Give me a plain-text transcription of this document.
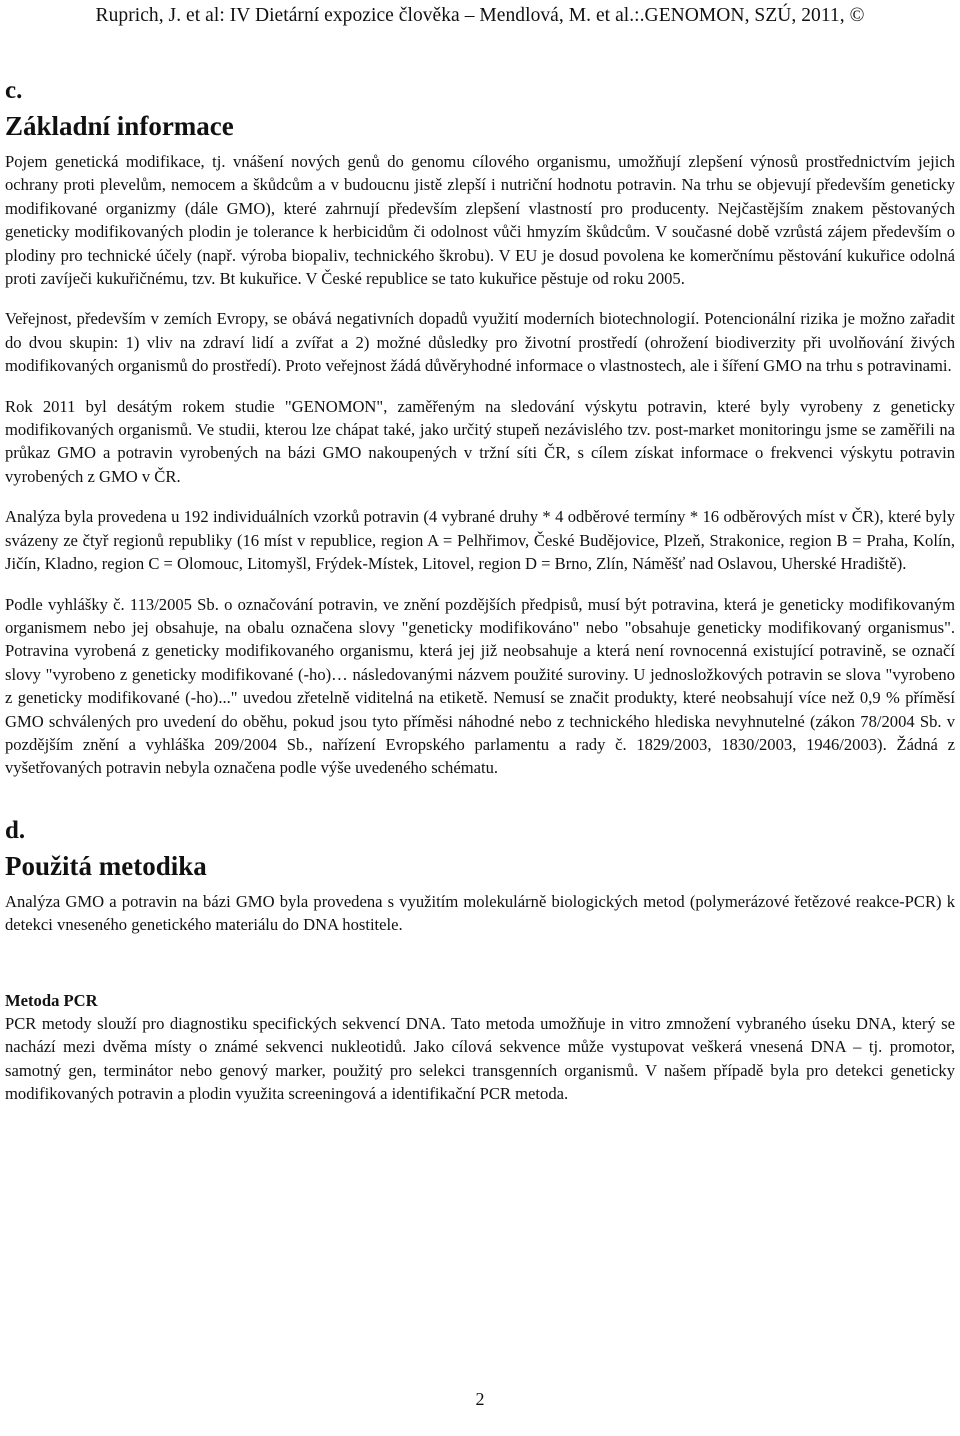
Ruprich, J. et al: IV Dietární expozice člověka – Mendlová, M. et al.:.GENOMON, SZÚ, 2011, ©
c.
Základní informace

Pojem genetická modifikace, tj. vnášení nových genů do genomu cílového organismu, umožňují zlepšení výnosů prostřednictvím jejich ochrany proti plevelům, nemocem a škůdcům a v budoucnu jistě zlepší i nutriční hodnotu potravin. Na trhu se objevují především geneticky modifikované organizmy (dále GMO), které zahrnují především zlepšení vlastností pro producenty. Nejčastějším znakem pěstovaných geneticky modifikovaných plodin je tolerance k herbicidům či odolnost vůči hmyzím škůdcům. V současné době vzrůstá zájem především o plodiny pro technické účely (např. výroba biopaliv, technického škrobu). V EU je dosud povolena ke komerčnímu pěstování kukuřice odolná proti zavíječi kukuřičnému, tzv. Bt kukuřice. V České republice se tato kukuřice pěstuje od roku 2005.

Veřejnost, především v zemích Evropy, se obává negativních dopadů využití moderních biotechnologií. Potencionální rizika je možno zařadit do dvou skupin: 1) vliv na zdraví lidí a zvířat a 2) možné důsledky pro životní prostředí (ohrožení biodiverzity při uvolňování živých modifikovaných organismů do prostředí). Proto veřejnost žádá důvěryhodné informace o vlastnostech, ale i šíření GMO na trhu s potravinami.

Rok 2011 byl desátým rokem studie "GENOMON", zaměřeným na sledování výskytu potravin, které byly vyrobeny z geneticky modifikovaných organismů. Ve studii, kterou lze chápat také, jako určitý stupeň nezávislého tzv. post-market monitoringu jsme se zaměřili na průkaz GMO a potravin vyrobených na bázi GMO nakoupených v tržní síti ČR, s cílem získat informace o frekvenci výskytu potravin vyrobených z GMO v ČR.

Analýza byla provedena u 192 individuálních vzorků potravin (4 vybrané druhy * 4 odběrové termíny * 16 odběrových míst v ČR), které byly svázeny ze čtyř regionů republiky (16 míst v republice, region A = Pelhřimov, České Budějovice, Plzeň, Strakonice, region B = Praha, Kolín, Jičín, Kladno, region C = Olomouc, Litomyšl, Frýdek-Místek, Litovel, region D = Brno, Zlín, Náměšť nad Oslavou, Uherské Hradiště).

Podle vyhlášky č. 113/2005 Sb. o označování potravin, ve znění pozdějších předpisů, musí být potravina, která je geneticky modifikovaným organismem nebo jej obsahuje, na obalu označena slovy "geneticky modifikováno" nebo "obsahuje geneticky modifikovaný organismus". Potravina vyrobená z geneticky modifikovaného organismu, která jej již neobsahuje a která není rovnocenná existující potravině, se označí slovy "vyrobeno z geneticky modifikované (-ho)… následovanými názvem použité suroviny. U jednosložkových potravin se slova "vyrobeno z geneticky modifikované (-ho)..." uvedou zřetelně viditelná na etiketě. Nemusí se značit produkty, které neobsahují více než 0,9 % příměsí GMO schválených pro uvedení do oběhu, pokud jsou tyto příměsi náhodné nebo z technického hlediska nevyhnutelné (zákon 78/2004 Sb. v pozdějším znění a vyhláška 209/2004 Sb., nařízení Evropského parlamentu a rady č. 1829/2003, 1830/2003, 1946/2003). Žádná z vyšetřovaných potravin nebyla označena podle výše uvedeného schématu.

d.
Použitá metodika

Analýza GMO a potravin na bázi GMO byla provedena s využitím molekulárně biologických metod (polymerázové řetězové reakce-PCR) k detekci vneseného genetického materiálu do DNA hostitele.

Metoda PCR

PCR metody slouží pro diagnostiku specifických sekvencí DNA. Tato metoda umožňuje in vitro zmnožení vybraného úseku DNA, který se nachází mezi dvěma místy o známé sekvenci nukleotidů. Jako cílová sekvence může vystupovat veškerá vnesená DNA – tj. promotor, samotný gen, terminátor nebo genový marker, použitý pro selekci transgenních organismů. V našem případě byla pro detekci geneticky modifikovaných potravin a plodin využita screeningová a identifikační PCR metoda.

2
